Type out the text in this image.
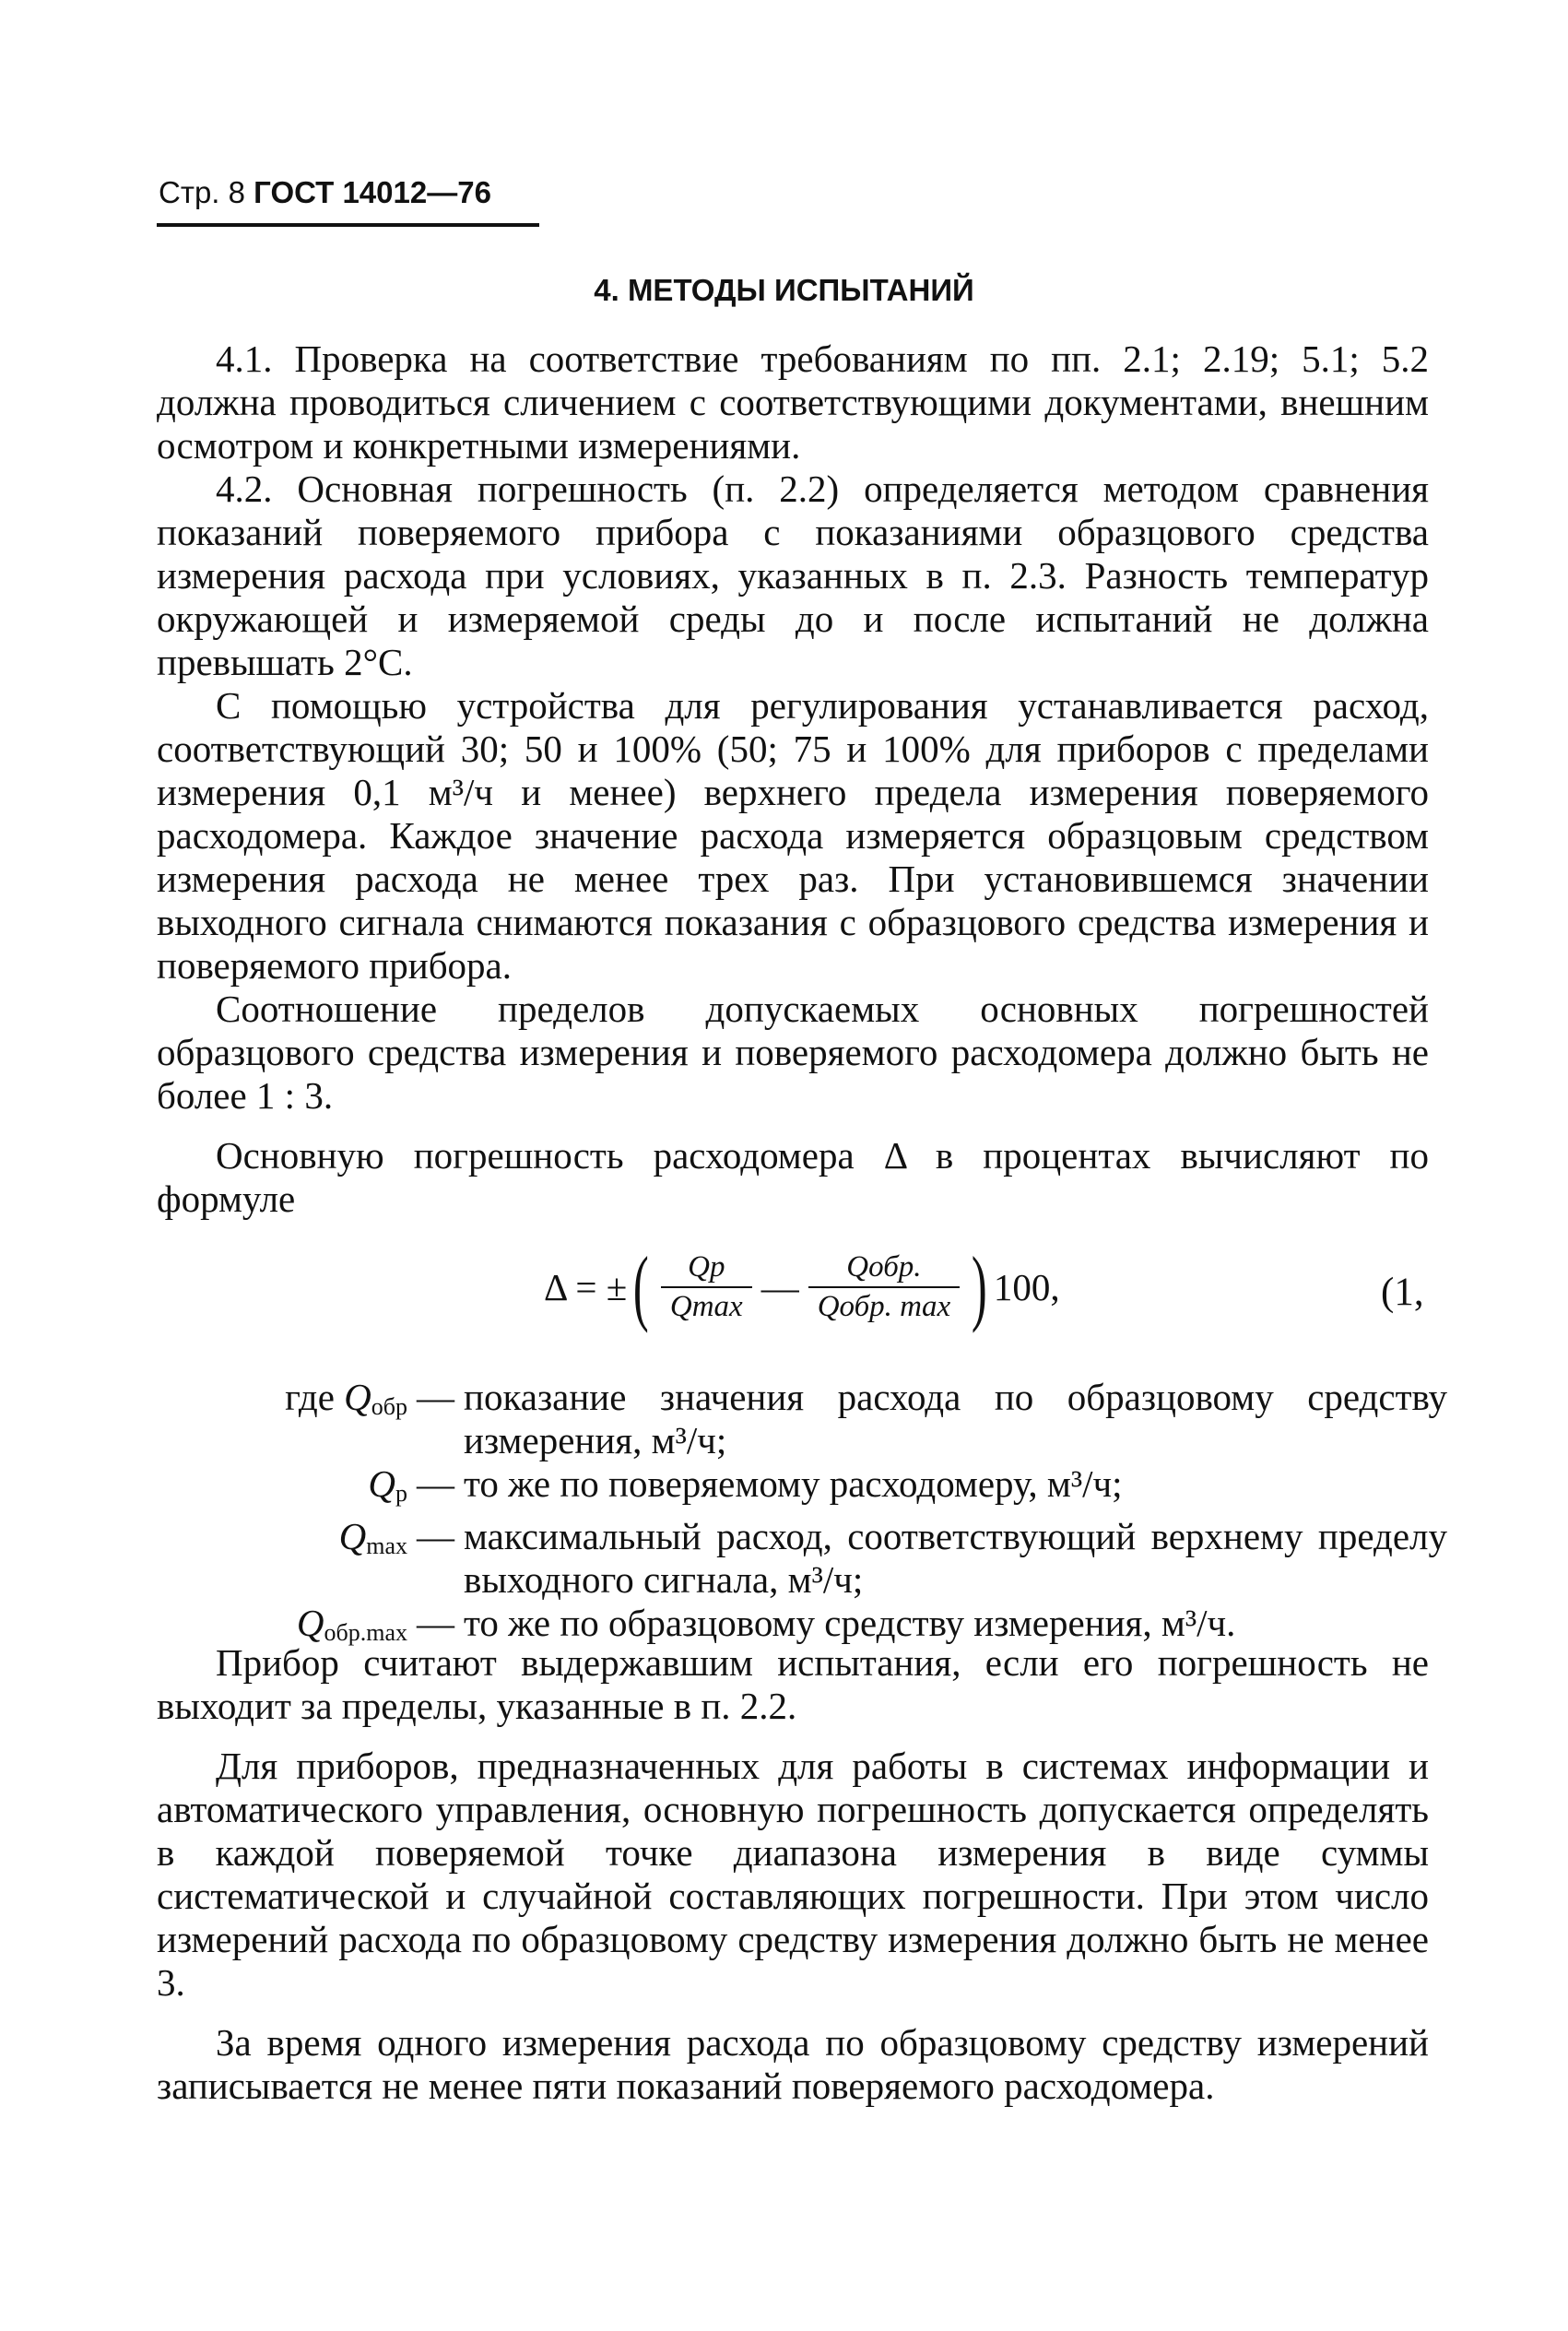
Стр. 8 ГОСТ 14012—76
4. МЕТОДЫ ИСПЫТАНИЙ

4.1. Проверка на соответствие требованиям по пп. 2.1; 2.19; 5.1; 5.2 должна проводиться сличением с соответствующими документами, внешним осмотром и конкретными измерениями.

4.2. Основная погрешность (п. 2.2) определяется методом сравнения показаний поверяемого прибора с показаниями образцового средства измерения расхода при условиях, указанных в п. 2.3. Разность температур окружающей и измеряемой среды до и после испытаний не должна превышать 2°С.

С помощью устройства для регулирования устанавливается расход, соответствующий 30; 50 и 100% (50; 75 и 100% для приборов с пределами измерения 0,1 м³/ч и менее) верхнего предела измерения поверяемого расходомера. Каждое значение расхода измеряется образцовым средством измерения расхода не менее трех раз. При установившемся значении выходного сигнала снимаются показания с образцового средства измерения и поверяемого прибора.

Соотношение пределов допускаемых основных погрешностей образцового средства измерения и поверяемого расходомера должно быть не более 1 : 3.

Основную погрешность расходомера Δ в процентах вычисляют по формуле

Δ = ± ( $\frac{Qр}{Qmax}$ — $\frac{\text{Qобр.}}{\text{Qобр. max}}$ ) 100,	(1,
где Qобр — показание значения расхода по образцовому средству измерения, м³/ч;
Qр — то же по поверяемому расходомеру, м³/ч;
Qmax — максимальный расход, соответствующий верхнему пределу выходного сигнала, м³/ч;
Qобр.max — то же по образцовому средству измерения, м³/ч.

Прибор считают выдержавшим испытания, если его погрешность не выходит за пределы, указанные в п. 2.2.

Для приборов, предназначенных для работы в системах информации и автоматического управления, основную погрешность допускается определять в каждой поверяемой точке диапазона измерения в виде суммы систематической и случайной составляющих погрешности. При этом число измерений расхода по образцовому средству измерения должно быть не менее 3.

За время одного измерения расхода по образцовому средству измерений записывается не менее пяти показаний поверяемого расходомера.
